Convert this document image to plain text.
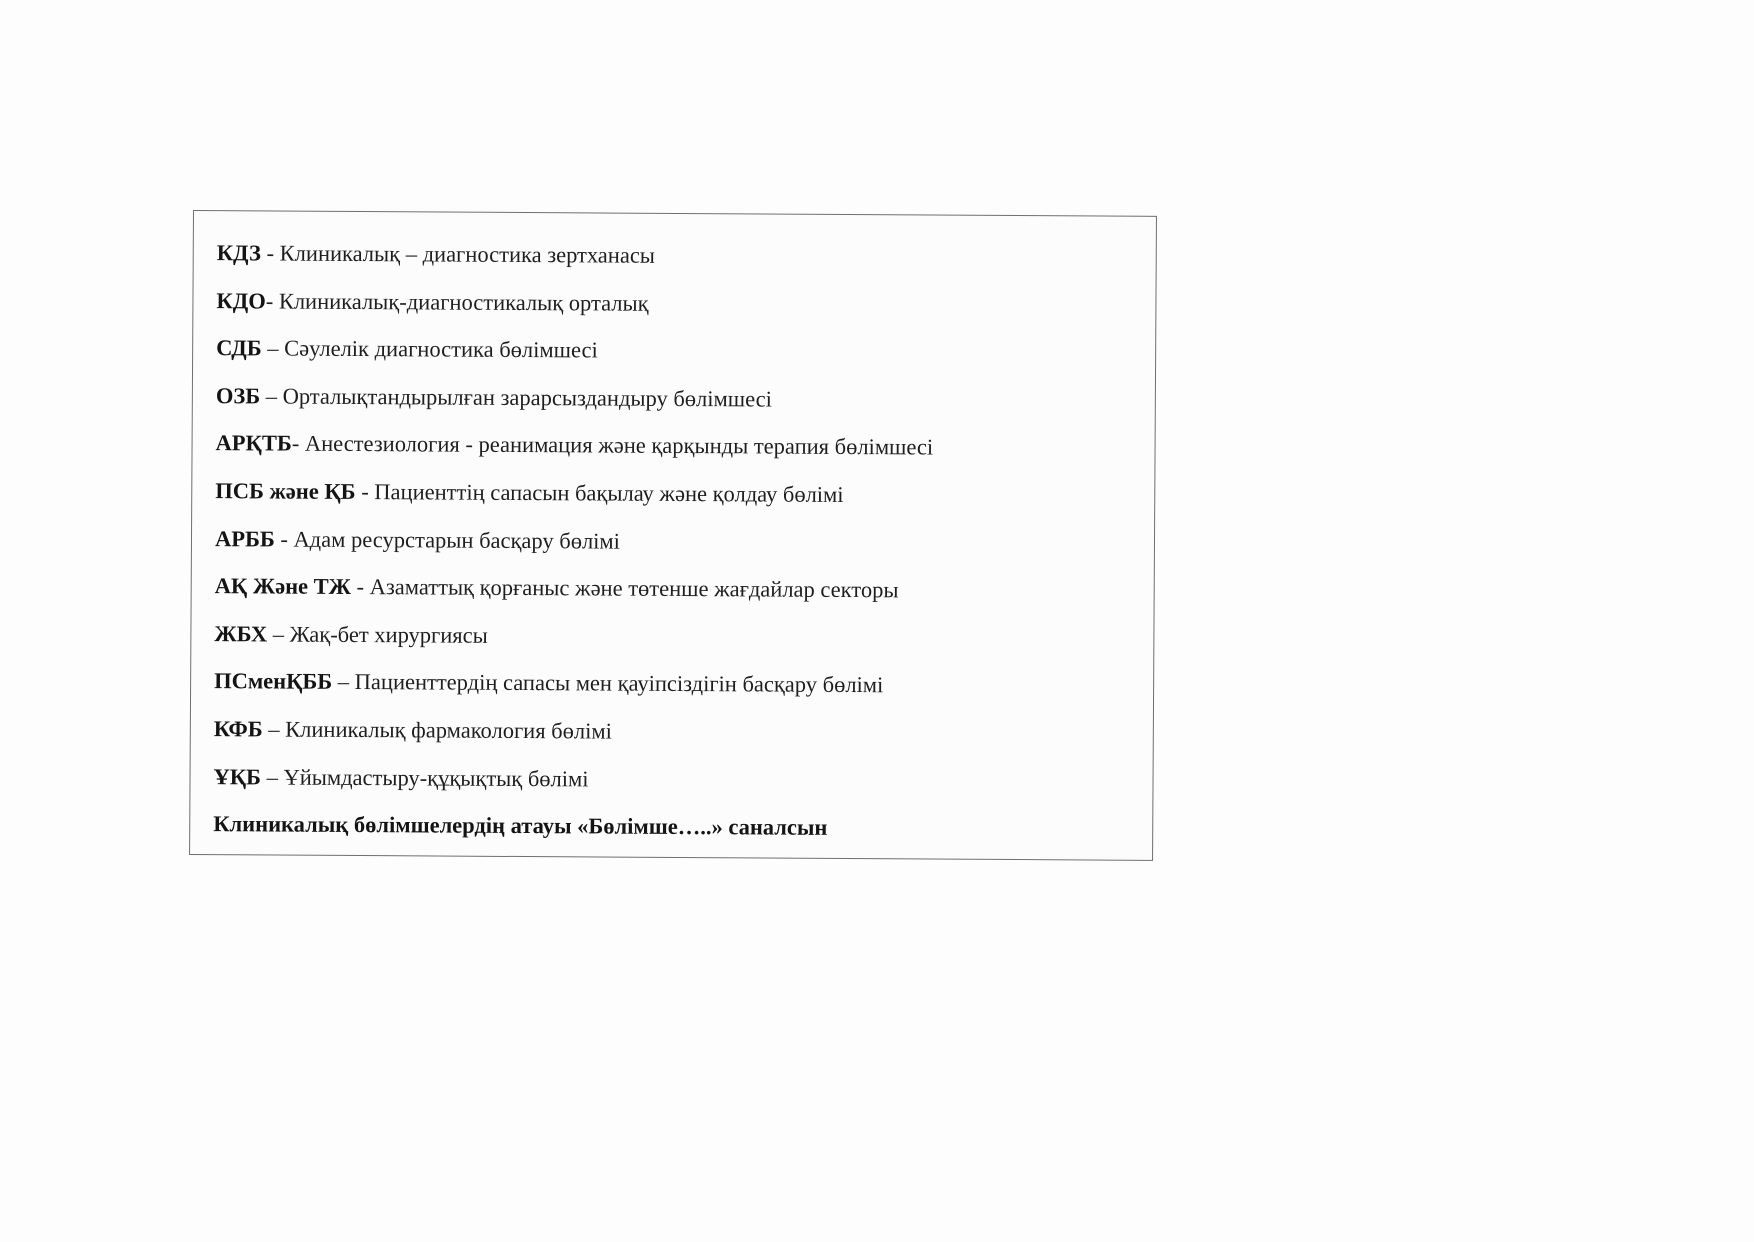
КДЗ - Клиникалық – диагностика зертханасы
КДО- Клиникалық-диагностикалық орталық
СДБ – Сәулелік диагностика бөлімшесі
ОЗБ – Орталықтандырылған зарарсыздандыру бөлімшесі
АРҚТБ- Анестезиология - реанимация және қарқынды терапия бөлімшесі
ПСБ және ҚБ - Пациенттің сапасын бақылау және қолдау бөлімі
АРББ - Адам ресурстарын басқару бөлімі
АҚ Және ТЖ - Азаматтық қорғаныс және төтенше жағдайлар секторы
ЖБХ – Жақ-бет хирургиясы
ПСменҚББ – Пациенттердің сапасы мен қауіпсіздігін басқару бөлімі
КФБ – Клиникалық фармакология бөлімі
ҰҚБ – Ұйымдастыру-құқықтық бөлімі
Клиникалық бөлімшелердің атауы «Бөлімше…..» саналсын
